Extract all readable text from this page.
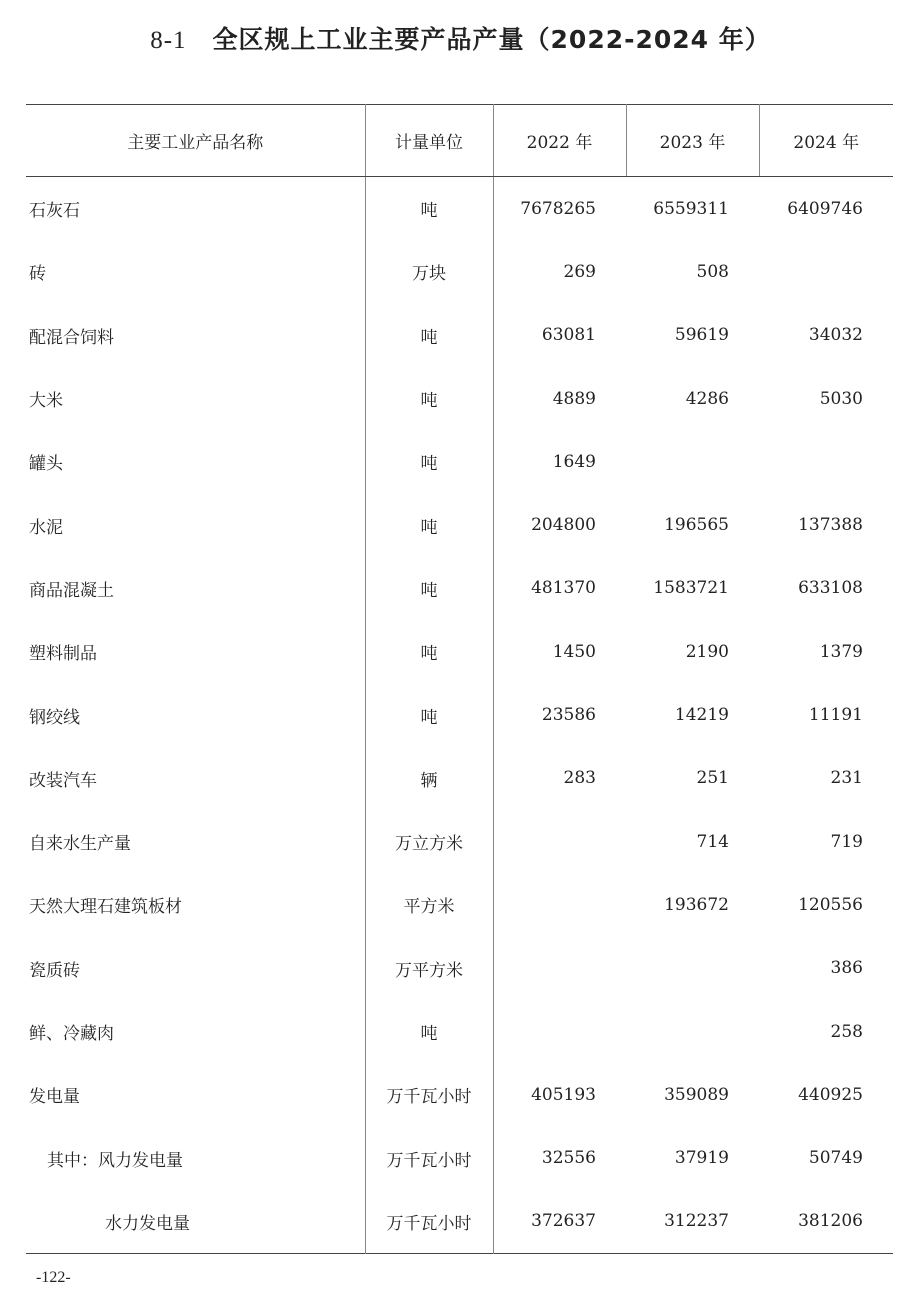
8-1 全区规上工业主要产品产量（2022-2024 年）
主要工业产品名称	计量单位	2022 年	2023 年	2024 年
石灰石	吨	7678265	6559311	6409746
砖	万块	269	508	
配混合饲料	吨	63081	59619	34032
大米	吨	4889	4286	5030
罐头	吨	1649		
水泥	吨	204800	196565	137388
商品混凝土	吨	481370	1583721	633108
塑料制品	吨	1450	2190	1379
钢绞线	吨	23586	14219	11191
改装汽车	辆	283	251	231
自来水生产量	万立方米		714	719
天然大理石建筑板材	平方米		193672	120556
瓷质砖	万平方米			386
鲜、冷藏肉	吨			258
发电量	万千瓦小时	405193	359089	440925
其中：风力发电量	万千瓦小时	32556	37919	50749
水力发电量	万千瓦小时	372637	312237	381206
-122-
